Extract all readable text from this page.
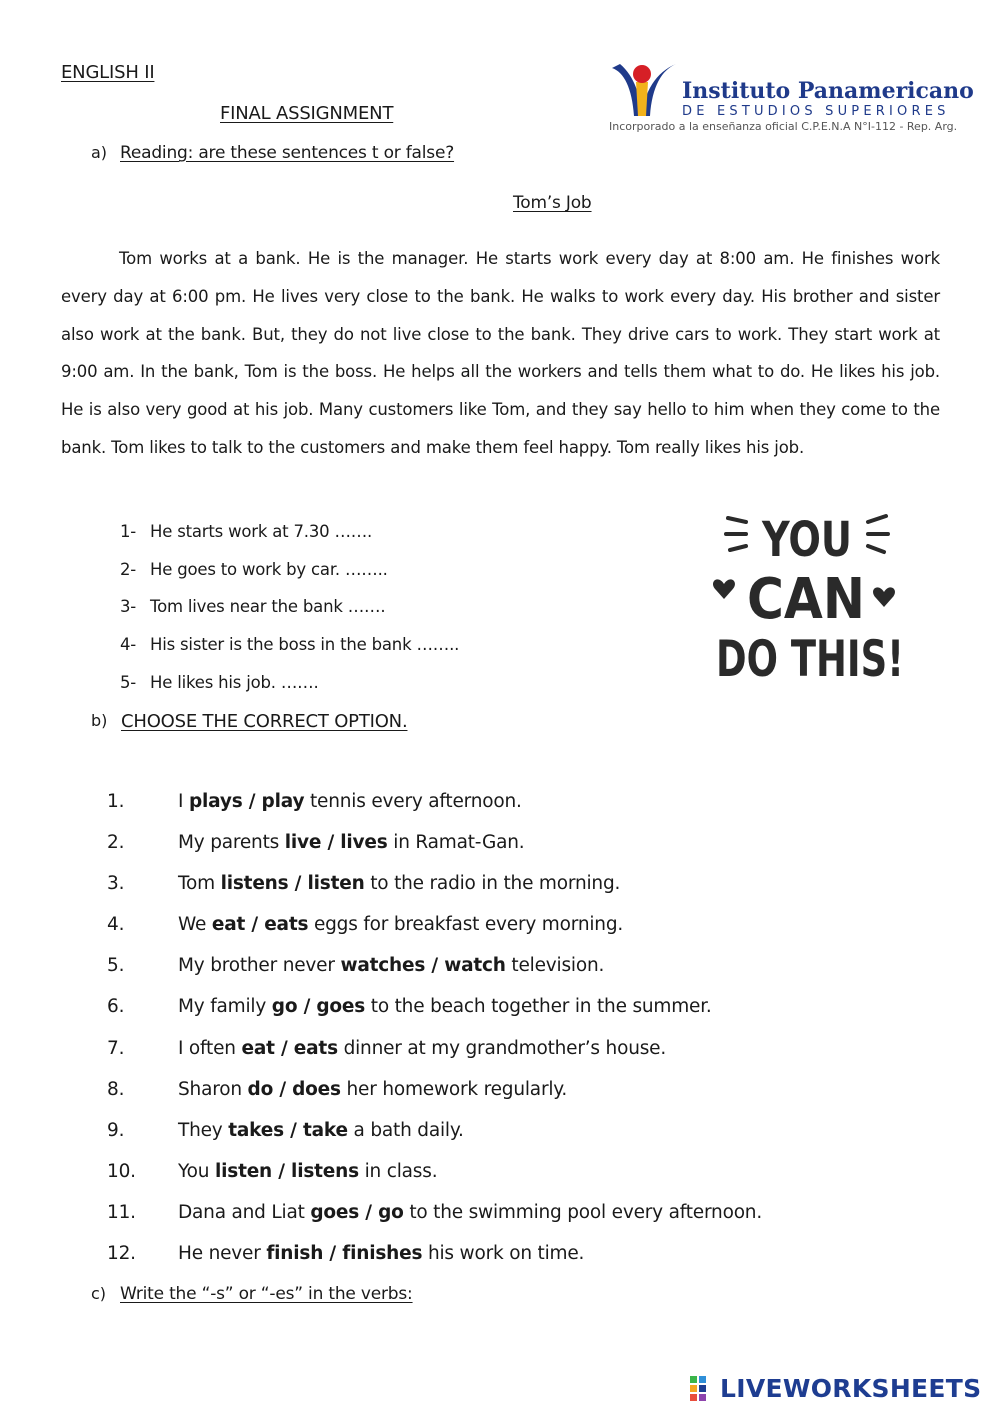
ENGLISH II
FINAL ASSIGNMENT
Instituto Panamericano
DE ESTUDIOS SUPERIORES
Incorporado a la enseñanza oficial C.P.E.N.A N°I-112 - Rep. Arg.
a) Reading: are these sentences t or false?
Tom’s Job
Tom works at a bank. He is the manager. He starts work every day at 8:00 am. He finishes work every day at 6:00 pm. He lives very close to the bank. He walks to work every day. His brother and sister also work at the bank. But, they do not live close to the bank. They drive cars to work. They start work at 9:00 am. In the bank, Tom is the boss. He helps all the workers and tells them what to do. He likes his job. He is also very good at his job. Many customers like Tom, and they say hello to him when they come to the bank. Tom likes to talk to the customers and make them feel happy. Tom really likes his job.
1- He starts work at 7.30 …….
2- He goes to work by car. ……..
3- Tom lives near the bank …….
4- His sister is the boss in the bank ……..
5- He likes his job. …….
YOU
CAN
DO THIS!
b) CHOOSE THE CORRECT OPTION.
1.	I plays / play tennis every afternoon.
2.	My parents live / lives in Ramat-Gan.
3.	Tom listens / listen to the radio in the morning.
4.	We eat / eats eggs for breakfast every morning.
5.	My brother never watches / watch television.
6.	My family go / goes to the beach together in the summer.
7.	I often eat / eats dinner at my grandmother’s house.
8.	Sharon do / does her homework regularly.
9.	They takes / take a bath daily.
10. You listen / listens in class.
11. Dana and Liat goes / go to the swimming pool every afternoon.
12. He never finish / finishes his work on time.
c) Write the “-s” or “-es” in the verbs:
LIVEWORKSHEETS
